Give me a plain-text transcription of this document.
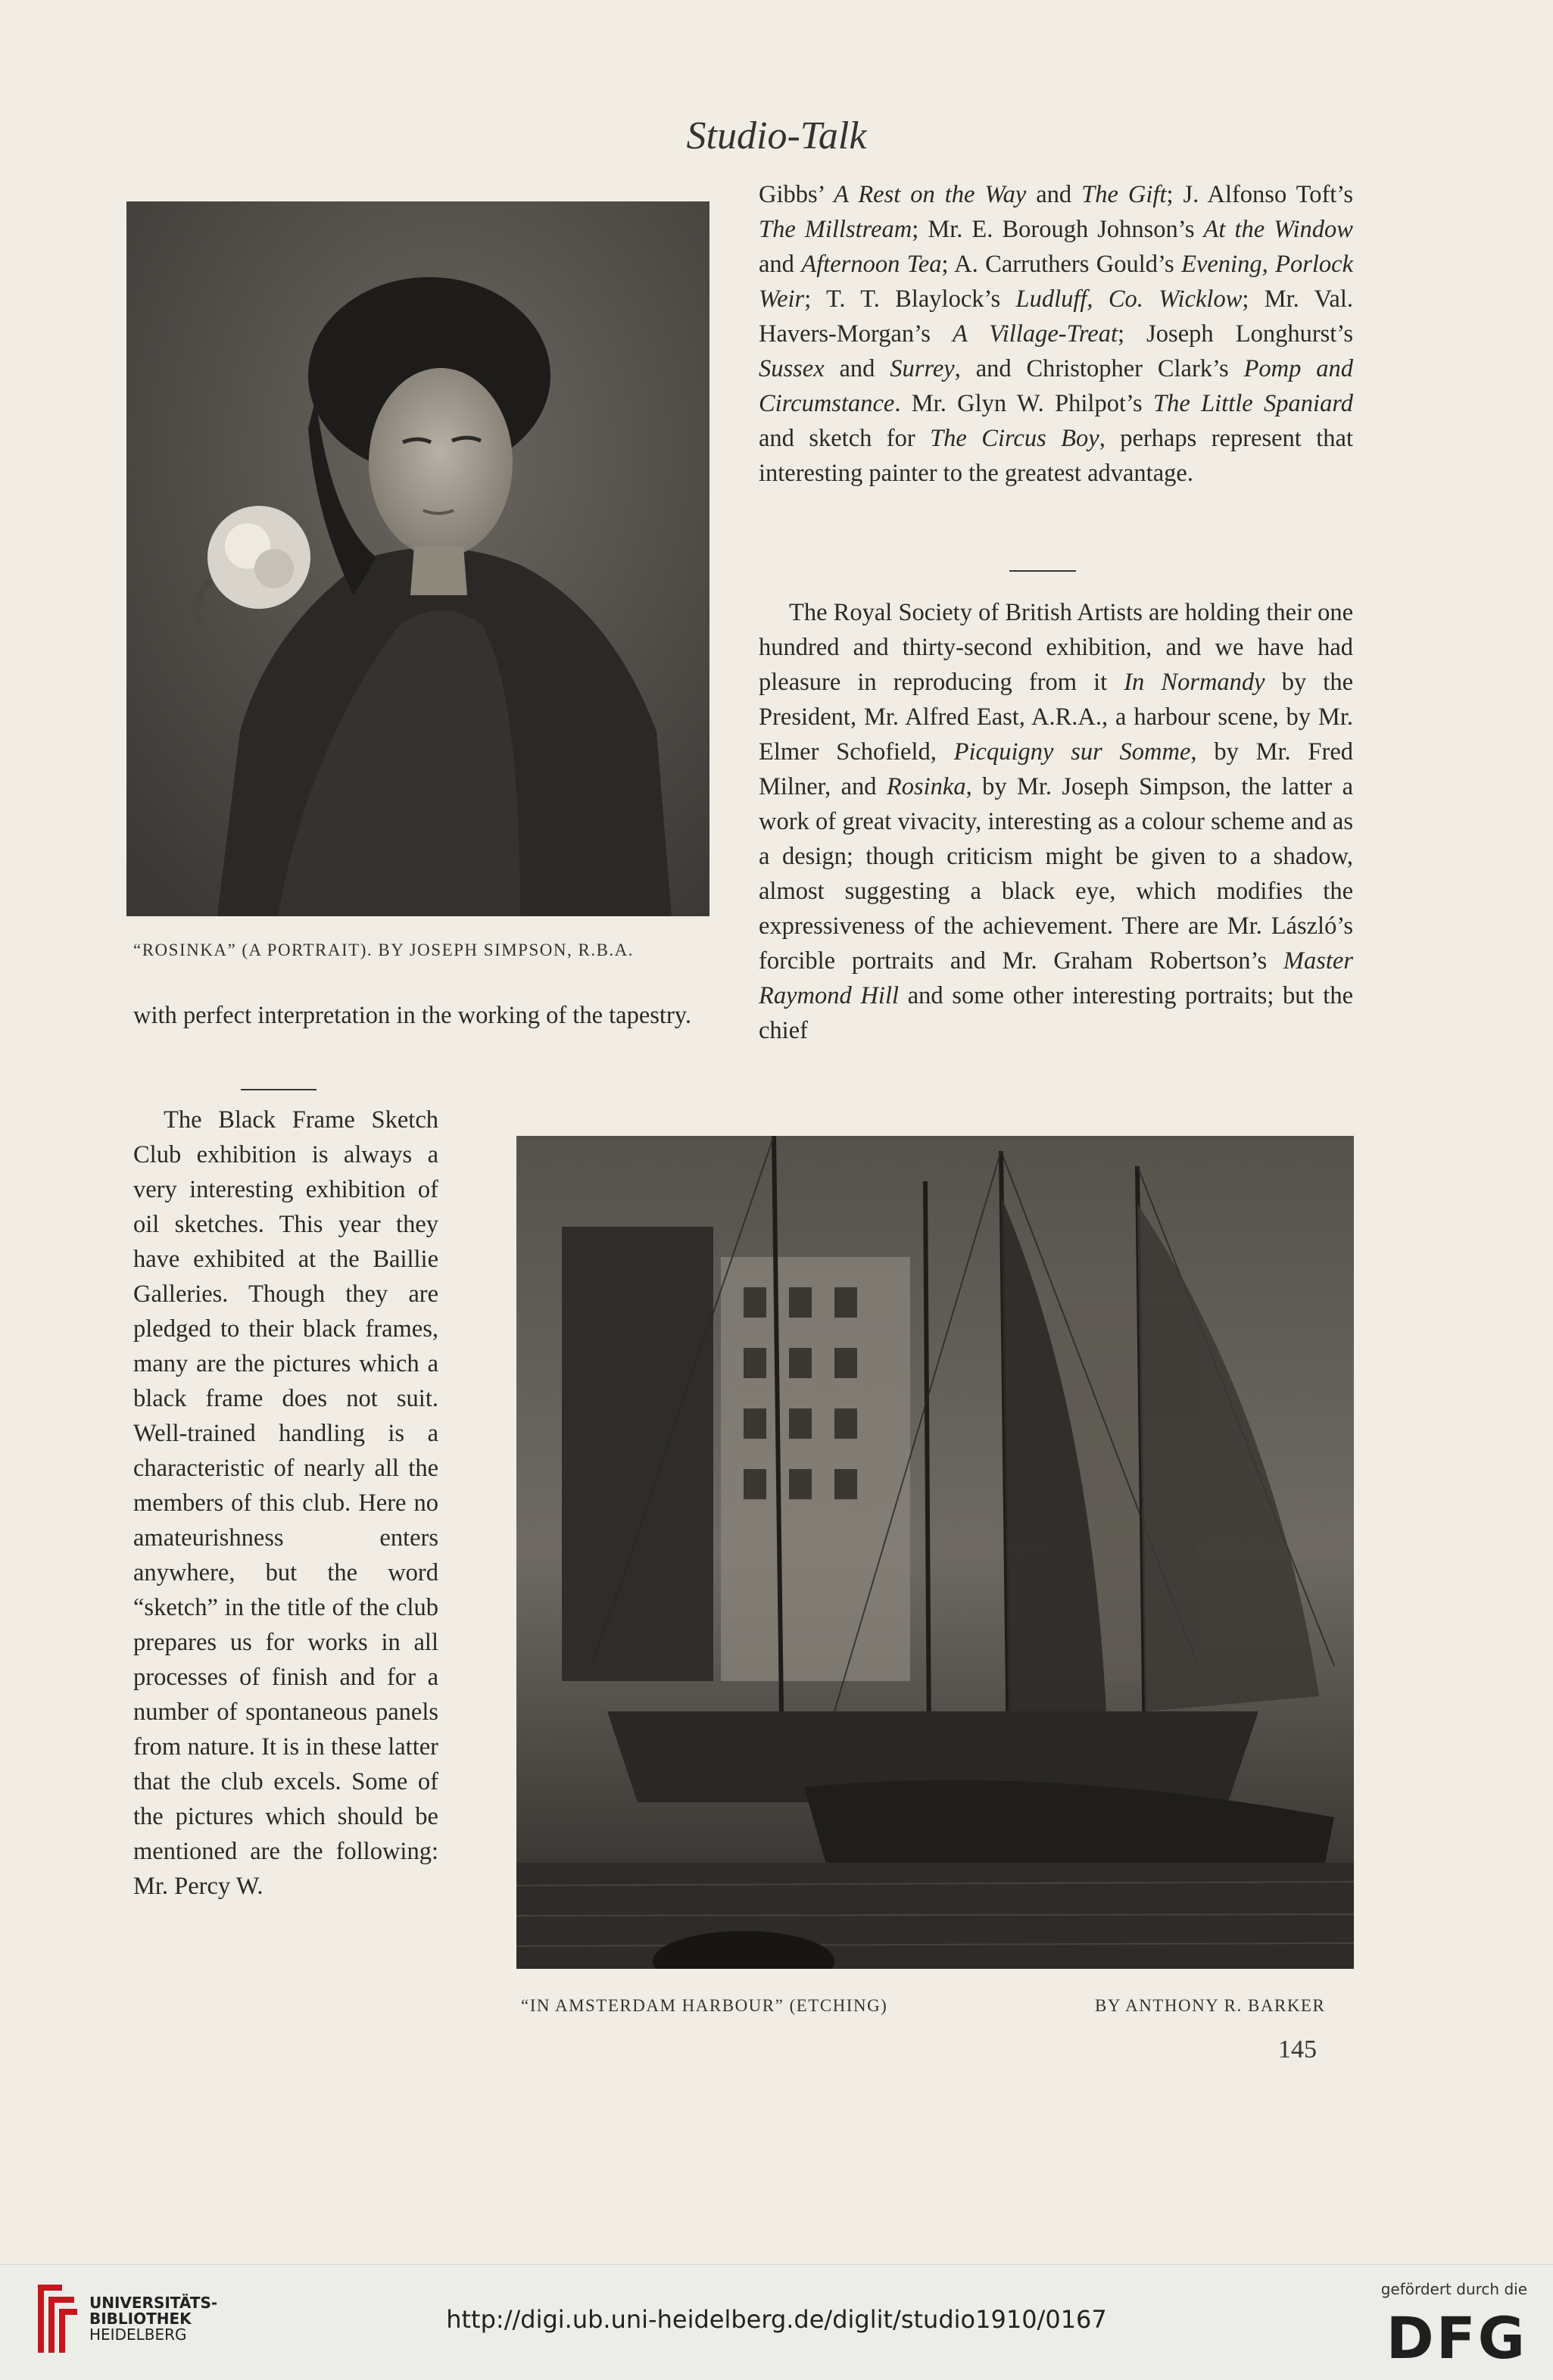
Studio-Talk
“ROSINKA” (A PORTRAIT). BY JOSEPH SIMPSON, R.B.A.

with perfect interpretation in the working of the tapestry.

The Black Frame Sketch Club exhibition is always a very interesting exhibition of oil sketches. This year they have exhibited at the Baillie Galleries. Though they are pledged to their black frames, many are the pictures which a black frame does not suit. Well-trained handling is a characteristic of nearly all the members of this club. Here no amateurishness enters anywhere, but the word “sketch” in the title of the club prepares us for works in all processes of finish and for a number of spontaneous panels from nature. It is in these latter that the club excels. Some of the pictures which should be mentioned are the following: Mr. Percy W.

Gibbs’ A Rest on the Way and The Gift; J. Alfonso Toft’s The Millstream; Mr. E. Borough Johnson’s At the Window and Afternoon Tea; A. Carruthers Gould’s Evening, Porlock Weir; T. T. Blaylock’s Ludluff, Co. Wicklow; Mr. Val. Havers-Morgan’s A Village-Treat; Joseph Longhurst’s Sussex and Surrey, and Christopher Clark’s Pomp and Circumstance. Mr. Glyn W. Philpot’s The Little Spaniard and sketch for The Circus Boy, perhaps represent that interesting painter to the greatest advantage.

The Royal Society of British Artists are holding their one hundred and thirty-second exhibition, and we have had pleasure in reproducing from it In Normandy by the President, Mr. Alfred East, A.R.A., a harbour scene, by Mr. Elmer Schofield, Picquigny sur Somme, by Mr. Fred Milner, and Rosinka, by Mr. Joseph Simpson, the latter a work of great vivacity, interesting as a colour scheme and as a design; though criticism might be given to a shadow, almost suggesting a black eye, which modifies the expressiveness of the achievement. There are Mr. László’s forcible portraits and Mr. Graham Robertson’s Master Raymond Hill and some other interesting portraits; but the chief

“IN AMSTERDAM HARBOUR” (ETCHING)	BY ANTHONY R. BARKER
145
UNIVERSITÄTS-
BIBLIOTHEK
HEIDELBERG
http://digi.ub.uni-heidelberg.de/diglit/studio1910/0167
gefördert durch die
DFG
